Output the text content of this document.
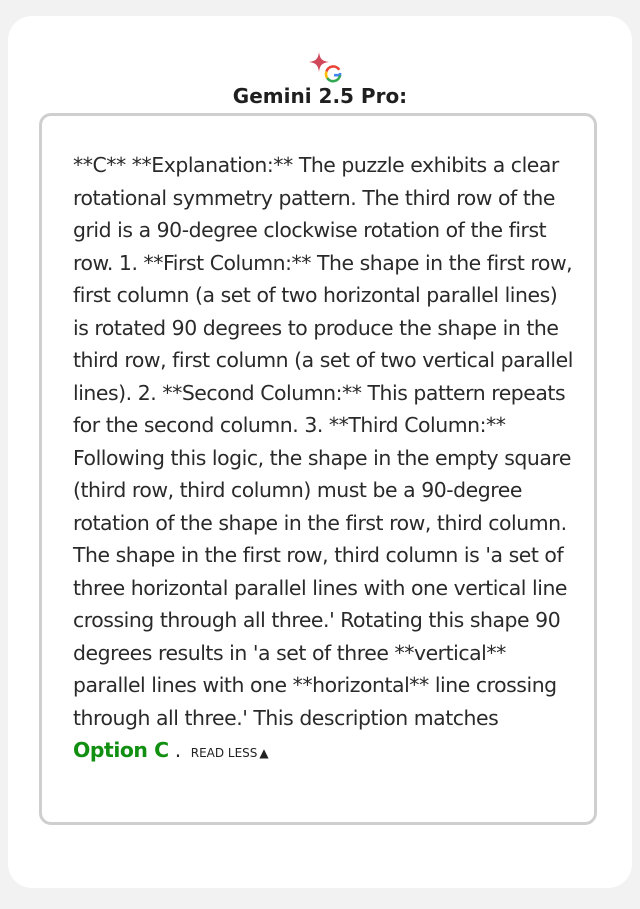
Gemini 2.5 Pro:

**C** **Explanation:** The puzzle exhibits a clear rotational symmetry pattern. The third row of the grid is a 90-degree clockwise rotation of the first row. 1. **First Column:** The shape in the first row, first column (a set of two horizontal parallel lines) is rotated 90 degrees to produce the shape in the third row, first column (a set of two vertical parallel lines). 2. **Second Column:** This pattern repeats for the second column. 3. **Third Column:** Following this logic, the shape in the empty square (third row, third column) must be a 90-degree rotation of the shape in the first row, third column. The shape in the first row, third column is 'a set of three horizontal parallel lines with one vertical line crossing through all three.' Rotating this shape 90 degrees results in 'a set of three **vertical** parallel lines with one **horizontal** line crossing through all three.' This description matches Option C . READ LESS ▲
